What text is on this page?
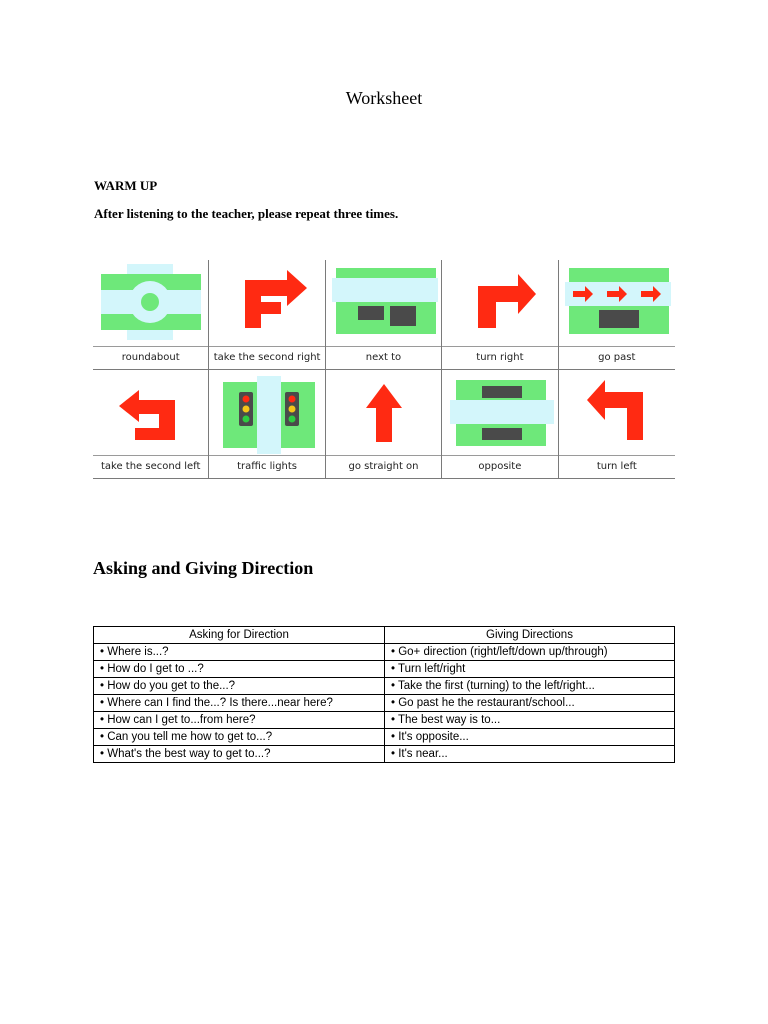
Worksheet
WARM UP
After listening to the teacher, please repeat three times.
roundabout	take the second right	next to	turn right	go past
take the second left	traffic lights	go straight on	opposite	turn left
Asking and Giving Direction
Asking for Direction	Giving Directions
• Where is...?	• Go+ direction (right/left/down up/through)
• How do I get to ...?	• Turn left/right
• How do you get to the...?	• Take the first (turning) to the left/right...
• Where can I find the...? Is there...near here?	• Go past he the restaurant/school...
• How can I get to...from here?	• The best way is to...
• Can you tell me how to get to...?	• It's opposite...
• What's the best way to get to...?	• It's near...
